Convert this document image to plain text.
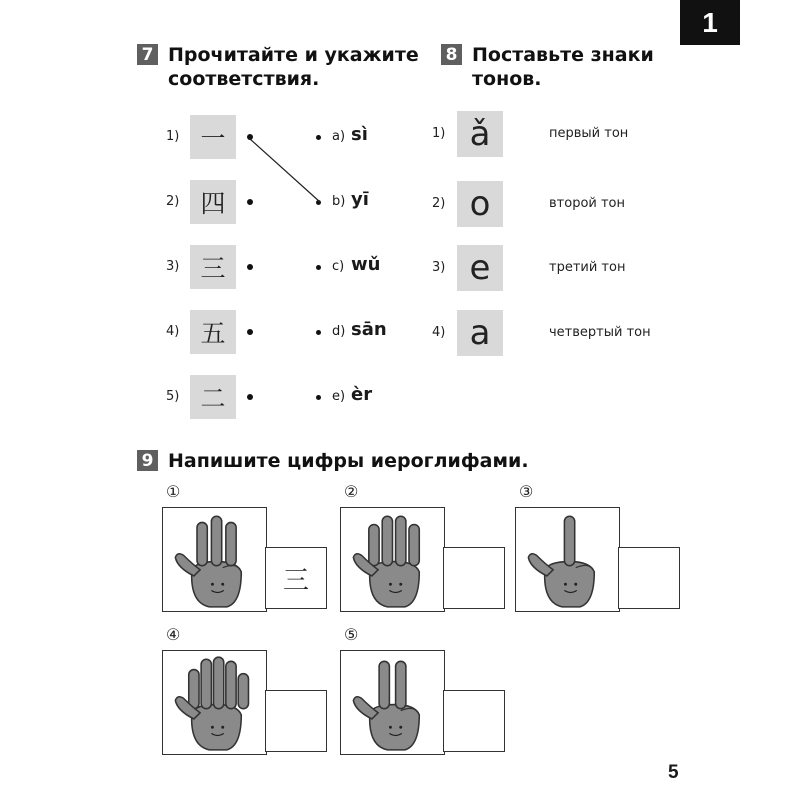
1
7 Прочитайте и укажите
соответствия.
8 Поставьте знаки
тонов.
1) 一	a) sì
2) 四	b) yī
3) 三	c) wǔ
4) 五	d) sān
5) 二	e) èr
1) ǎ	первый тон
2) o	второй тон
3) e	третий тон
4) a	четвертый тон
9 Напишите цифры иероглифами.
①
三
②	③
④	⑤
5
